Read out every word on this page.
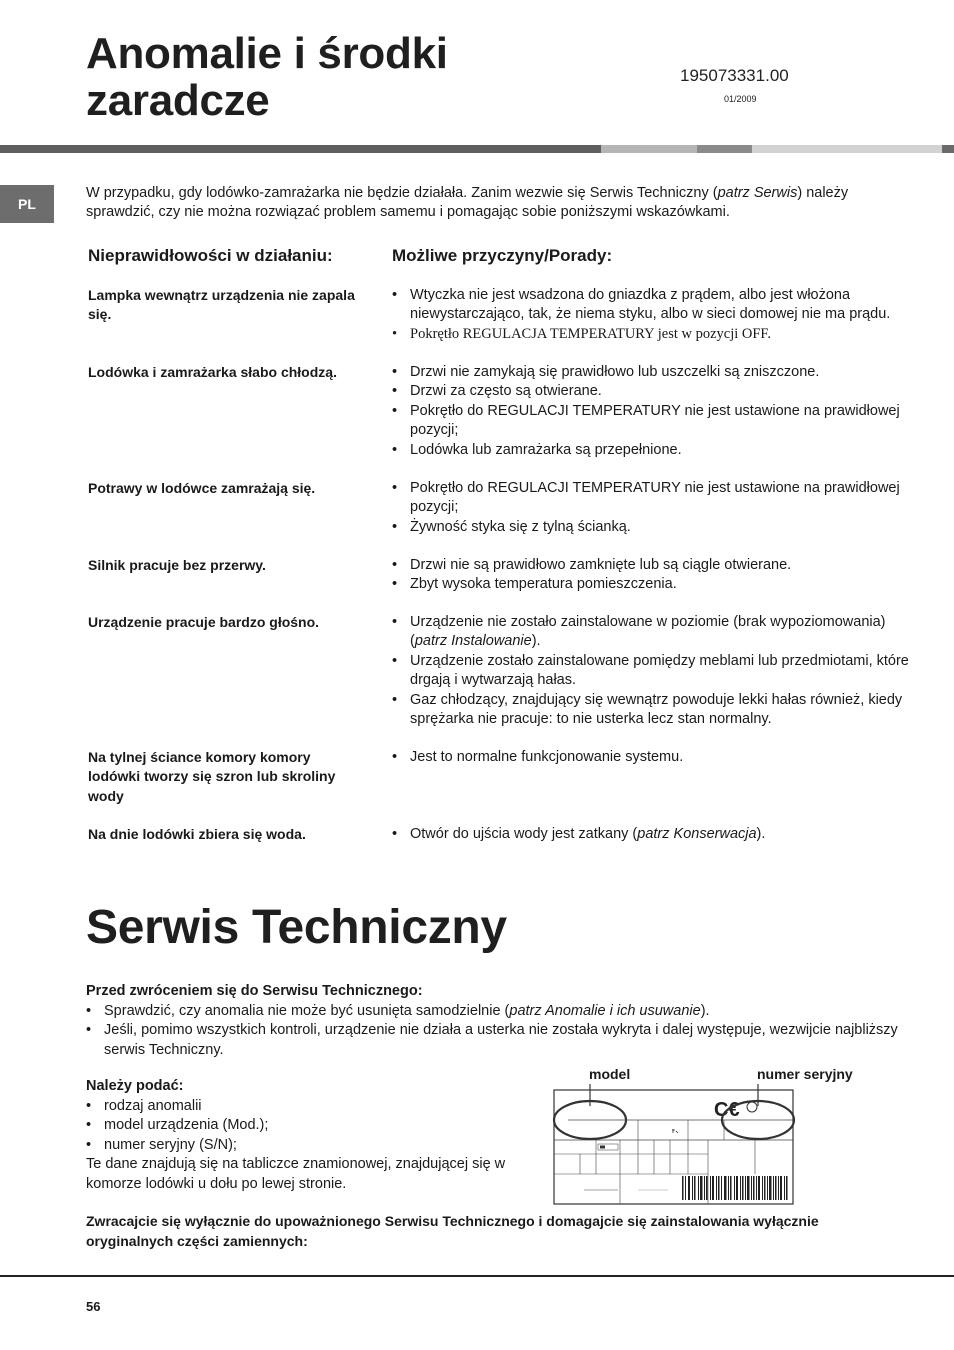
Anomalie i środki zaradcze
195073331.00
01/2009
PL
W przypadku, gdy lodówko-zamrażarka nie będzie działała. Zanim wezwie się Serwis Techniczny (patrz Serwis) należy sprawdzić, czy nie można rozwiązać problem samemu i pomagając sobie poniższymi wskazówkami.
Nieprawidłowości w działaniu:	Możliwe przyczyny/Porady:
Lampka wewnątrz urządzenia nie zapala się.
• Wtyczka nie jest wsadzona do gniazdka z prądem, albo jest włożona niewystarczająco, tak, że niema styku, albo w sieci domowej nie ma prądu.
• Pokrętło REGULACJA TEMPERATURY jest w pozycji OFF.
Lodówka i zamrażarka słabo chłodzą.	• Drzwi nie zamykają się prawidłowo lub uszczelki są zniszczone.
• Drzwi za często są otwierane.
• Pokrętło do REGULACJI TEMPERATURY nie jest ustawione na prawidłowej pozycji;
• Lodówka lub zamrażarka są przepełnione.
Potrawy w lodówce zamrażają się.	• Pokrętło do REGULACJI TEMPERATURY nie jest ustawione na prawidłowej pozycji;
• Żywność styka się z tylną ścianką.
Silnik pracuje bez przerwy.	• Drzwi nie są prawidłowo zamknięte lub są ciągle otwierane.
• Zbyt wysoka temperatura pomieszczenia.
Urządzenie pracuje bardzo głośno.	• Urządzenie nie zostało zainstalowane w poziomie (brak wypoziomowania) (patrz Instalowanie).
• Urządzenie zostało zainstalowane pomiędzy meblami lub przedmiotami, które drgają i wytwarzają hałas.
• Gaz chłodzący, znajdujący się wewnątrz powoduje lekki hałas również, kiedy sprężarka nie pracuje: to nie usterka lecz stan normalny.
Na tylnej ściance komory komory lodówki tworzy się szron lub skroliny wody
• Jest to normalne funkcjonowanie systemu.
Na dnie lodówki zbiera się woda.	• Otwór do ujścia wody jest zatkany (patrz Konserwacja).
Serwis Techniczny
Przed zwróceniem się do Serwisu Technicznego:
• Sprawdzić, czy anomalia nie może być usunięta samodzielnie (patrz Anomalie i ich usuwanie).
• Jeśli, pomimo wszystkich kontroli, urządzenie nie działa a usterka nie została wykryta i dalej występuje, wezwijcie najbliższy serwis Techniczny.
Należy podać:
• rodzaj anomalii
• model urządzenia (Mod.);
• numer seryjny (S/N);
Te dane znajdują się na tabliczce znamionowej, znajdującej się w komorze lodówki u dołu po lewej stronie.
model	numer seryjny
C€
Zwracajcie się wyłącznie do upoważnionego Serwisu Technicznego i domagajcie się zainstalowania wyłącznie oryginalnych części zamiennych:
56
